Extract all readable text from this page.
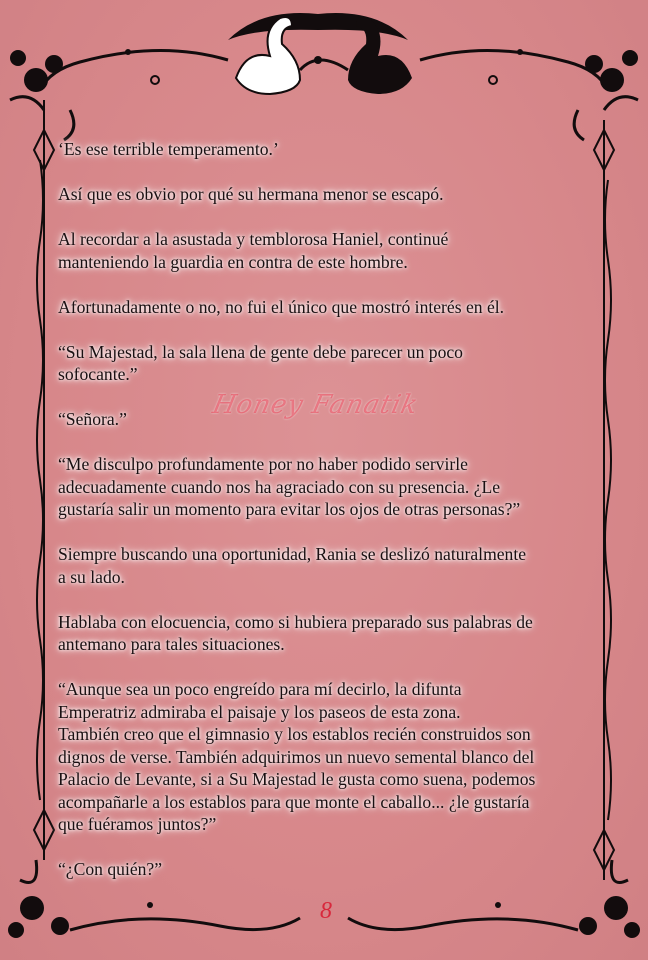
Honey Fanatik

‘Es ese terrible temperamento.’

Así que es obvio por qué su hermana menor se escapó.

Al recordar a la asustada y temblorosa Haniel, continué
manteniendo la guardia en contra de este hombre.

Afortunadamente o no, no fui el único que mostró interés en él.

“Su Majestad, la sala llena de gente debe parecer un poco
sofocante.”

“Señora.”

“Me disculpo profundamente por no haber podido servirle
adecuadamente cuando nos ha agraciado con su presencia. ¿Le
gustaría salir un momento para evitar los ojos de otras personas?”

Siempre buscando una oportunidad, Rania se deslizó naturalmente
a su lado.

Hablaba con elocuencia, como si hubiera preparado sus palabras de
antemano para tales situaciones.

“Aunque sea un poco engreído para mí decirlo, la difunta
Emperatriz admiraba el paisaje y los paseos de esta zona.
También creo que el gimnasio y los establos recién construidos son
dignos de verse. También adquirimos un nuevo semental blanco del
Palacio de Levante, si a Su Majestad le gusta como suena, podemos
acompañarle a los establos para que monte el caballo... ¿le gustaría
que fuéramos juntos?”

“¿Con quién?”

8
